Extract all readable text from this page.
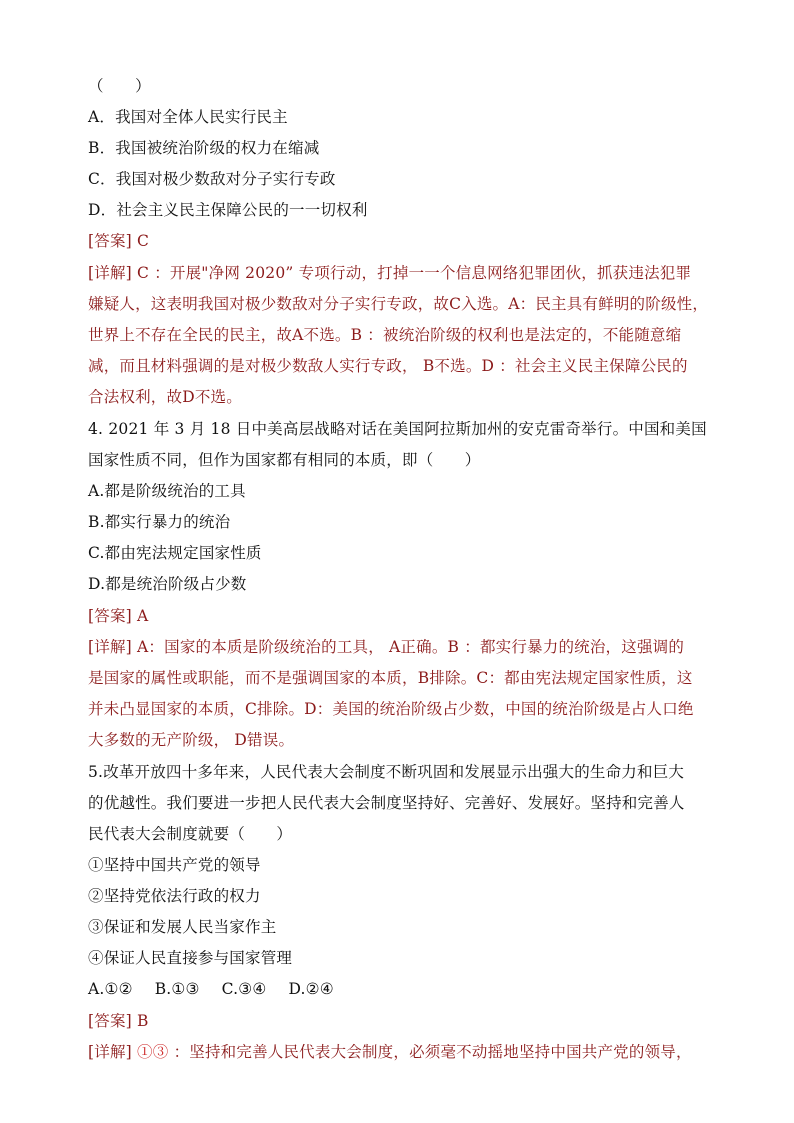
（　　）
A．我国对全体人民实行民主
B．我国被统治阶级的权力在缩减
C．我国对极少数敌对分子实行专政
D．社会主义民主保障公民的一一切权利
[答案] C
[详解] C ：开展"净网 2020” 专项行动，打掉一一个信息网络犯罪团伙，抓获违法犯罪
嫌疑人，这表明我国对极少数敌对分子实行专政，故C入选。A：民主具有鲜明的阶级性，
世界上不存在全民的民主，故A不选。B ：被统治阶级的权利也是法定的，不能随意缩
减，而且材料强调的是对极少数敌人实行专政， B不选。D ：社会主义民主保障公民的
合法权利，故D不选。
4. 2021 年 3 月 18 日中美高层战略对话在美国阿拉斯加州的安克雷奇举行。中国和美国
国家性质不同，但作为国家都有相同的本质，即（　　）
A.都是阶级统治的工具
B.都实行暴力的统治
C.都由宪法规定国家性质
D.都是统治阶级占少数
[答案] A
[详解] A：国家的本质是阶级统治的工具， A正确。B ：都实行暴力的统治，这强调的
是国家的属性或职能，而不是强调国家的本质，B排除。C：都由宪法规定国家性质，这
并未凸显国家的本质，C排除。D：美国的统治阶级占少数，中国的统治阶级是占人口绝
大多数的无产阶级， D错误。
5.改革开放四十多年来，人民代表大会制度不断巩固和发展显示出强大的生命力和巨大
的优越性。我们要进一步把人民代表大会制度坚持好、完善好、发展好。坚持和完善人
民代表大会制度就要（　　）
①坚持中国共产党的领导
②坚持党依法行政的权力
③保证和发展人民当家作主
④保证人民直接参与国家管理
A.①② B.①③ C.③④ D.②④
[答案] B
[详解] ①③ ：坚持和完善人民代表大会制度，必须毫不动摇地坚持中国共产党的领导，
